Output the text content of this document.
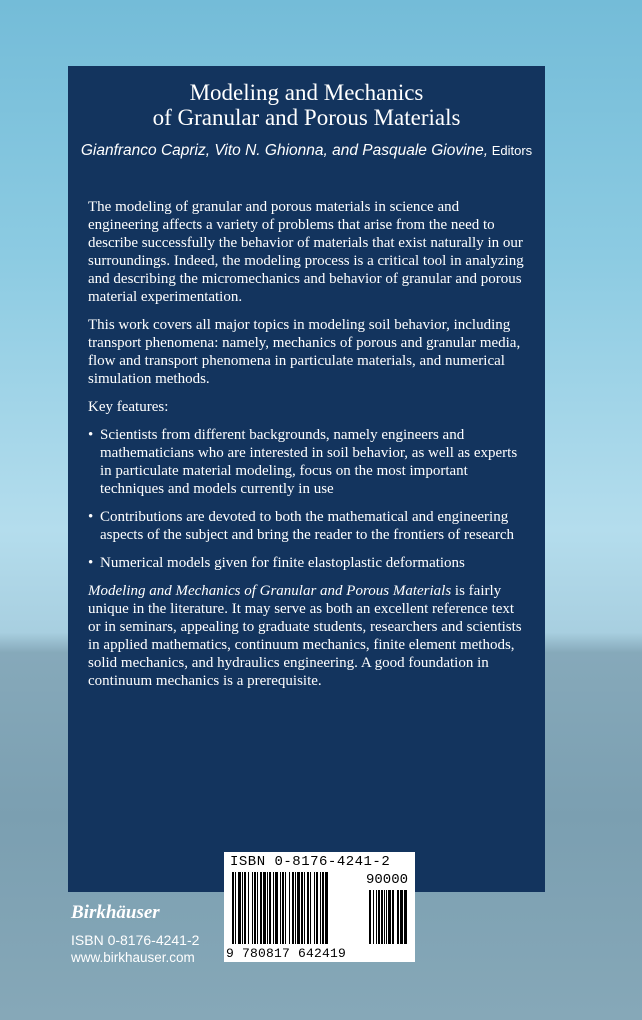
Modeling and Mechanics
of Granular and Porous Materials
Gianfranco Capriz, Vito N. Ghionna, and Pasquale Giovine, Editors

The modeling of granular and porous materials in science and engineering affects a variety of problems that arise from the need to describe successfully the behavior of materials that exist naturally in our surroundings. Indeed, the modeling process is a critical tool in analyzing and describing the micromechanics and behavior of granular and porous material experimentation.

This work covers all major topics in modeling soil behavior, including transport phenomena: namely, mechanics of porous and granular media, flow and transport phenomena in particulate materials, and numerical simulation methods.

Key features:

• Scientists from different backgrounds, namely engineers and mathematicians who are interested in soil behavior, as well as experts in particulate material modeling, focus on the most important techniques and models currently in use
• Contributions are devoted to both the mathematical and engineering aspects of the subject and bring the reader to the frontiers of research
• Numerical models given for finite elastoplastic deformations

Modeling and Mechanics of Granular and Porous Materials is fairly unique in the literature. It may serve as both an excellent reference text or in seminars, appealing to graduate students, researchers and scientists in applied mathematics, continuum mechanics, finite element methods, solid mechanics, and hydraulics engineering. A good foundation in continuum mechanics is a prerequisite.

Birkhäuser
ISBN 0-8176-4241-2
www.birkhauser.com
ISBN 0-8176-4241-2
90000
9 780817 642419
